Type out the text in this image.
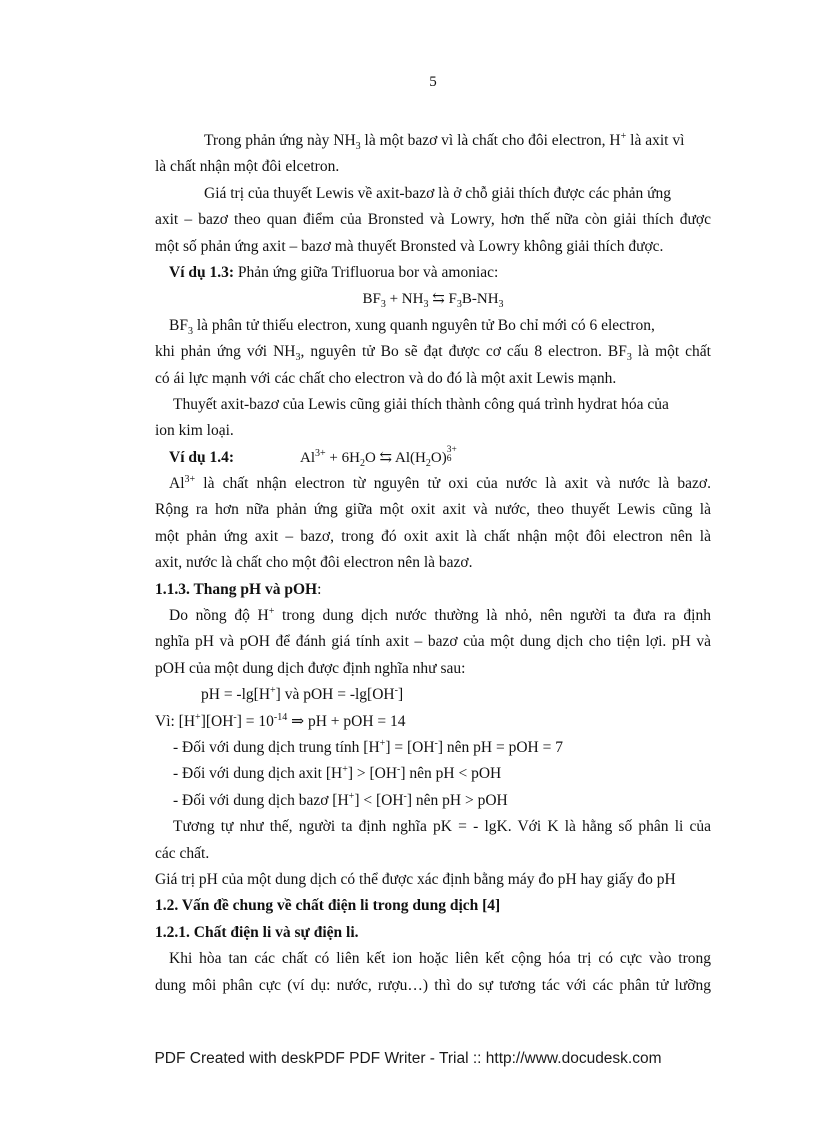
5
Trong phản ứng này $NH_3$ là một bazơ vì là chất cho đôi electron, H+ là axit vì
là chất nhận một đôi elcetron.
Giá trị của thuyết Lewis về axit-bazơ là ở chỗ giải thích được các phản ứng
axit – bazơ theo quan điểm của Bronsted và Lowry, hơn thế nữa còn giải thích được
một số phản ứng axit – bazơ mà thuyết Bronsted và Lowry không giải thích được.
Ví dụ 1.3: Phản ứng giữa Trifluorua bor và amoniac:
$BF_3 + NH_3$ ⇆ $F_3B-NH_3$
$BF_3$ là phân tử thiếu electron, xung quanh nguyên tử Bo chỉ mới có 6 electron,
khi phản ứng với $NH_3$, nguyên tử Bo sẽ đạt được cơ cấu 8 electron. $BF_3$ là một chất
có ái lực mạnh với các chất cho electron và do đó là một axit Lewis mạnh.
Thuyết axit-bazơ của Lewis cũng giải thích thành công quá trình hydrat hóa của
ion kim loại.
Ví dụ 1.4:	$Al^{3+} + 6H_2O$ ⇆ $Al(H_2O)3+$
6
$Al^{3+}$ là chất nhận electron từ nguyên tử oxi của nước là axit và nước là bazơ.
Rộng ra hơn nữa phản ứng giữa một oxit axit và nước, theo thuyết Lewis cũng là
một phản ứng axit – bazơ, trong đó oxit axit là chất nhận một đôi electron nên là
axit, nước là chất cho một đôi electron nên là bazơ.
1.1.3. Thang pH và pOH:
Do nồng độ H+ trong dung dịch nước thường là nhỏ, nên người ta đưa ra định
nghĩa pH và pOH để đánh giá tính axit – bazơ của một dung dịch cho tiện lợi. pH và
pOH của một dung dịch được định nghĩa như sau:
pH = -lg[H+] và pOH = -lg[OH-]
Vì: $[H^+][OH^-] = 10^{-14}$ ⇒ pH + pOH = 14
- Đối với dung dịch trung tính [H+] = [OH-] nên pH = pOH = 7
- Đối với dung dịch axit [H+] > [OH-] nên pH < pOH
- Đối với dung dịch bazơ [H+] < [OH-] nên pH > pOH
Tương tự như thế, người ta định nghĩa pK = - lgK. Với K là hằng số phân li của
các chất.
Giá trị pH của một dung dịch có thể được xác định bằng máy đo pH hay giấy đo pH
1.2. Vấn đề chung về chất điện li trong dung dịch [4]
1.2.1. Chất điện li và sự điện li.
Khi hòa tan các chất có liên kết ion hoặc liên kết cộng hóa trị có cực vào trong
dung môi phân cực (ví dụ: nước, rượu…) thì do sự tương tác với các phân tử lưỡng
PDF Created with deskPDF PDF Writer - Trial :: http://www.docudesk.com
